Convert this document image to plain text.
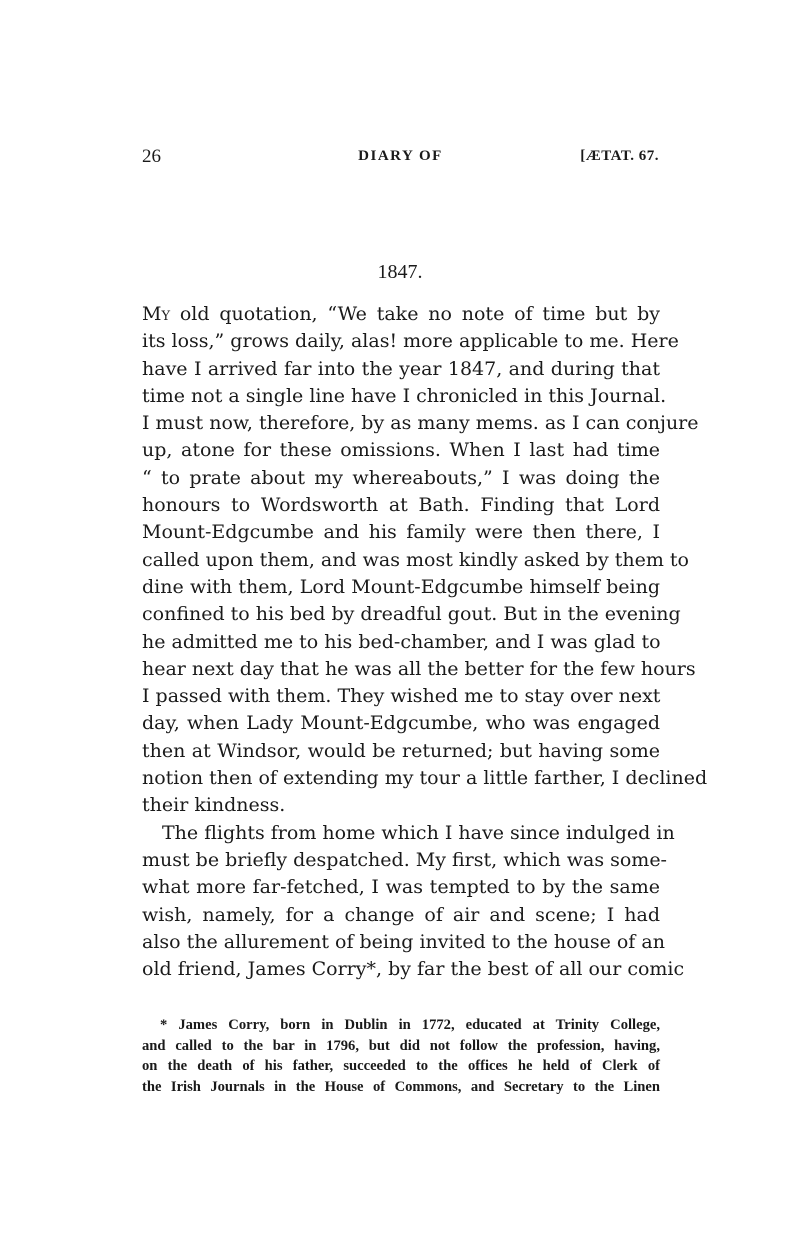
26	DIARY OF	[ÆTAT. 67.
1847.
My old quotation, “We take no note of time but by
its loss,” grows daily, alas! more applicable to me. Here
have I arrived far into the year 1847, and during that
time not a single line have I chronicled in this Journal.
I must now, therefore, by as many mems. as I can conjure
up, atone for these omissions. When I last had time
“ to prate about my whereabouts,” I was doing the
honours to Wordsworth at Bath. Finding that Lord
Mount-Edgcumbe and his family were then there, I
called upon them, and was most kindly asked by them to
dine with them, Lord Mount-Edgcumbe himself being
confined to his bed by dreadful gout. But in the evening
he admitted me to his bed-chamber, and I was glad to
hear next day that he was all the better for the few hours
I passed with them. They wished me to stay over next
day, when Lady Mount-Edgcumbe, who was engaged
then at Windsor, would be returned; but having some
notion then of extending my tour a little farther, I declined
their kindness.
The flights from home which I have since indulged in
must be briefly despatched. My first, which was some-
what more far-fetched, I was tempted to by the same
wish, namely, for a change of air and scene; I had
also the allurement of being invited to the house of an
old friend, James Corry*, by far the best of all our comic
* James Corry, born in Dublin in 1772, educated at Trinity College,
and called to the bar in 1796, but did not follow the profession, having,
on the death of his father, succeeded to the offices he held of Clerk of
the Irish Journals in the House of Commons, and Secretary to the Linen
